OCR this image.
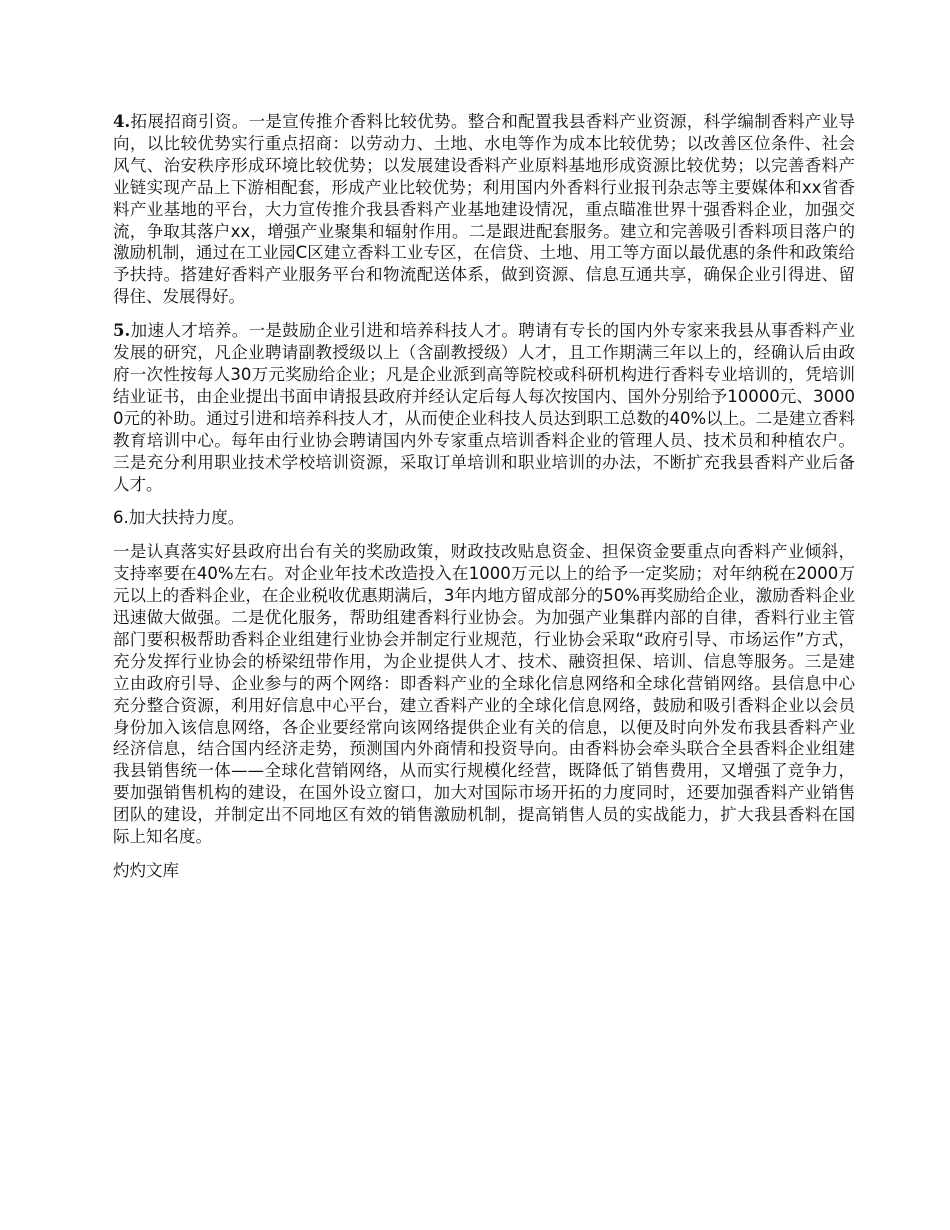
4.拓展招商引资。一是宣传推介香料比较优势。整合和配置我县香料产业资源，科学编制香料产业导向，以比较优势实行重点招商：以劳动力、土地、水电等作为成本比较优势；以改善区位条件、社会风气、治安秩序形成环境比较优势；以发展建设香料产业原料基地形成资源比较优势；以完善香料产业链实现产品上下游相配套，形成产业比较优势；利用国内外香料行业报刊杂志等主要媒体和xx省香料产业基地的平台，大力宣传推介我县香料产业基地建设情况，重点瞄准世界十强香料企业，加强交流，争取其落户xx，增强产业聚集和辐射作用。二是跟进配套服务。建立和完善吸引香料项目落户的激励机制，通过在工业园C区建立香料工业专区，在信贷、土地、用工等方面以最优惠的条件和政策给予扶持。搭建好香料产业服务平台和物流配送体系，做到资源、信息互通共享，确保企业引得进、留得住、发展得好。

5.加速人才培养。一是鼓励企业引进和培养科技人才。聘请有专长的国内外专家来我县从事香料产业发展的研究，凡企业聘请副教授级以上（含副教授级）人才，且工作期满三年以上的，经确认后由政府一次性按每人30万元奖励给企业；凡是企业派到高等院校或科研机构进行香料专业培训的，凭培训结业证书，由企业提出书面申请报县政府并经认定后每人每次按国内、国外分别给予10000元、30000元的补助。通过引进和培养科技人才，从而使企业科技人员达到职工总数的40%以上。二是建立香料教育培训中心。每年由行业协会聘请国内外专家重点培训香料企业的管理人员、技术员和种植农户。三是充分利用职业技术学校培训资源，采取订单培训和职业培训的办法，不断扩充我县香料产业后备人才。

6.加大扶持力度。

一是认真落实好县政府出台有关的奖励政策，财政技改贴息资金、担保资金要重点向香料产业倾斜，支持率要在40%左右。对企业年技术改造投入在1000万元以上的给予一定奖励；对年纳税在2000万元以上的香料企业，在企业税收优惠期满后，3年内地方留成部分的50%再奖励给企业，激励香料企业迅速做大做强。二是优化服务，帮助组建香料行业协会。为加强产业集群内部的自律，香料行业主管部门要积极帮助香料企业组建行业协会并制定行业规范，行业协会采取“政府引导、市场运作”方式，充分发挥行业协会的桥梁纽带作用，为企业提供人才、技术、融资担保、培训、信息等服务。三是建立由政府引导、企业参与的两个网络：即香料产业的全球化信息网络和全球化营销网络。县信息中心充分整合资源，利用好信息中心平台，建立香料产业的全球化信息网络，鼓励和吸引香料企业以会员身份加入该信息网络，各企业要经常向该网络提供企业有关的信息，以便及时向外发布我县香料产业经济信息，结合国内经济走势，预测国内外商情和投资导向。由香料协会牵头联合全县香料企业组建我县销售统一体——全球化营销网络，从而实行规模化经营，既降低了销售费用，又增强了竞争力，要加强销售机构的建设，在国外设立窗口，加大对国际市场开拓的力度同时，还要加强香料产业销售团队的建设，并制定出不同地区有效的销售激励机制，提高销售人员的实战能力，扩大我县香料在国际上知名度。

灼灼文库
